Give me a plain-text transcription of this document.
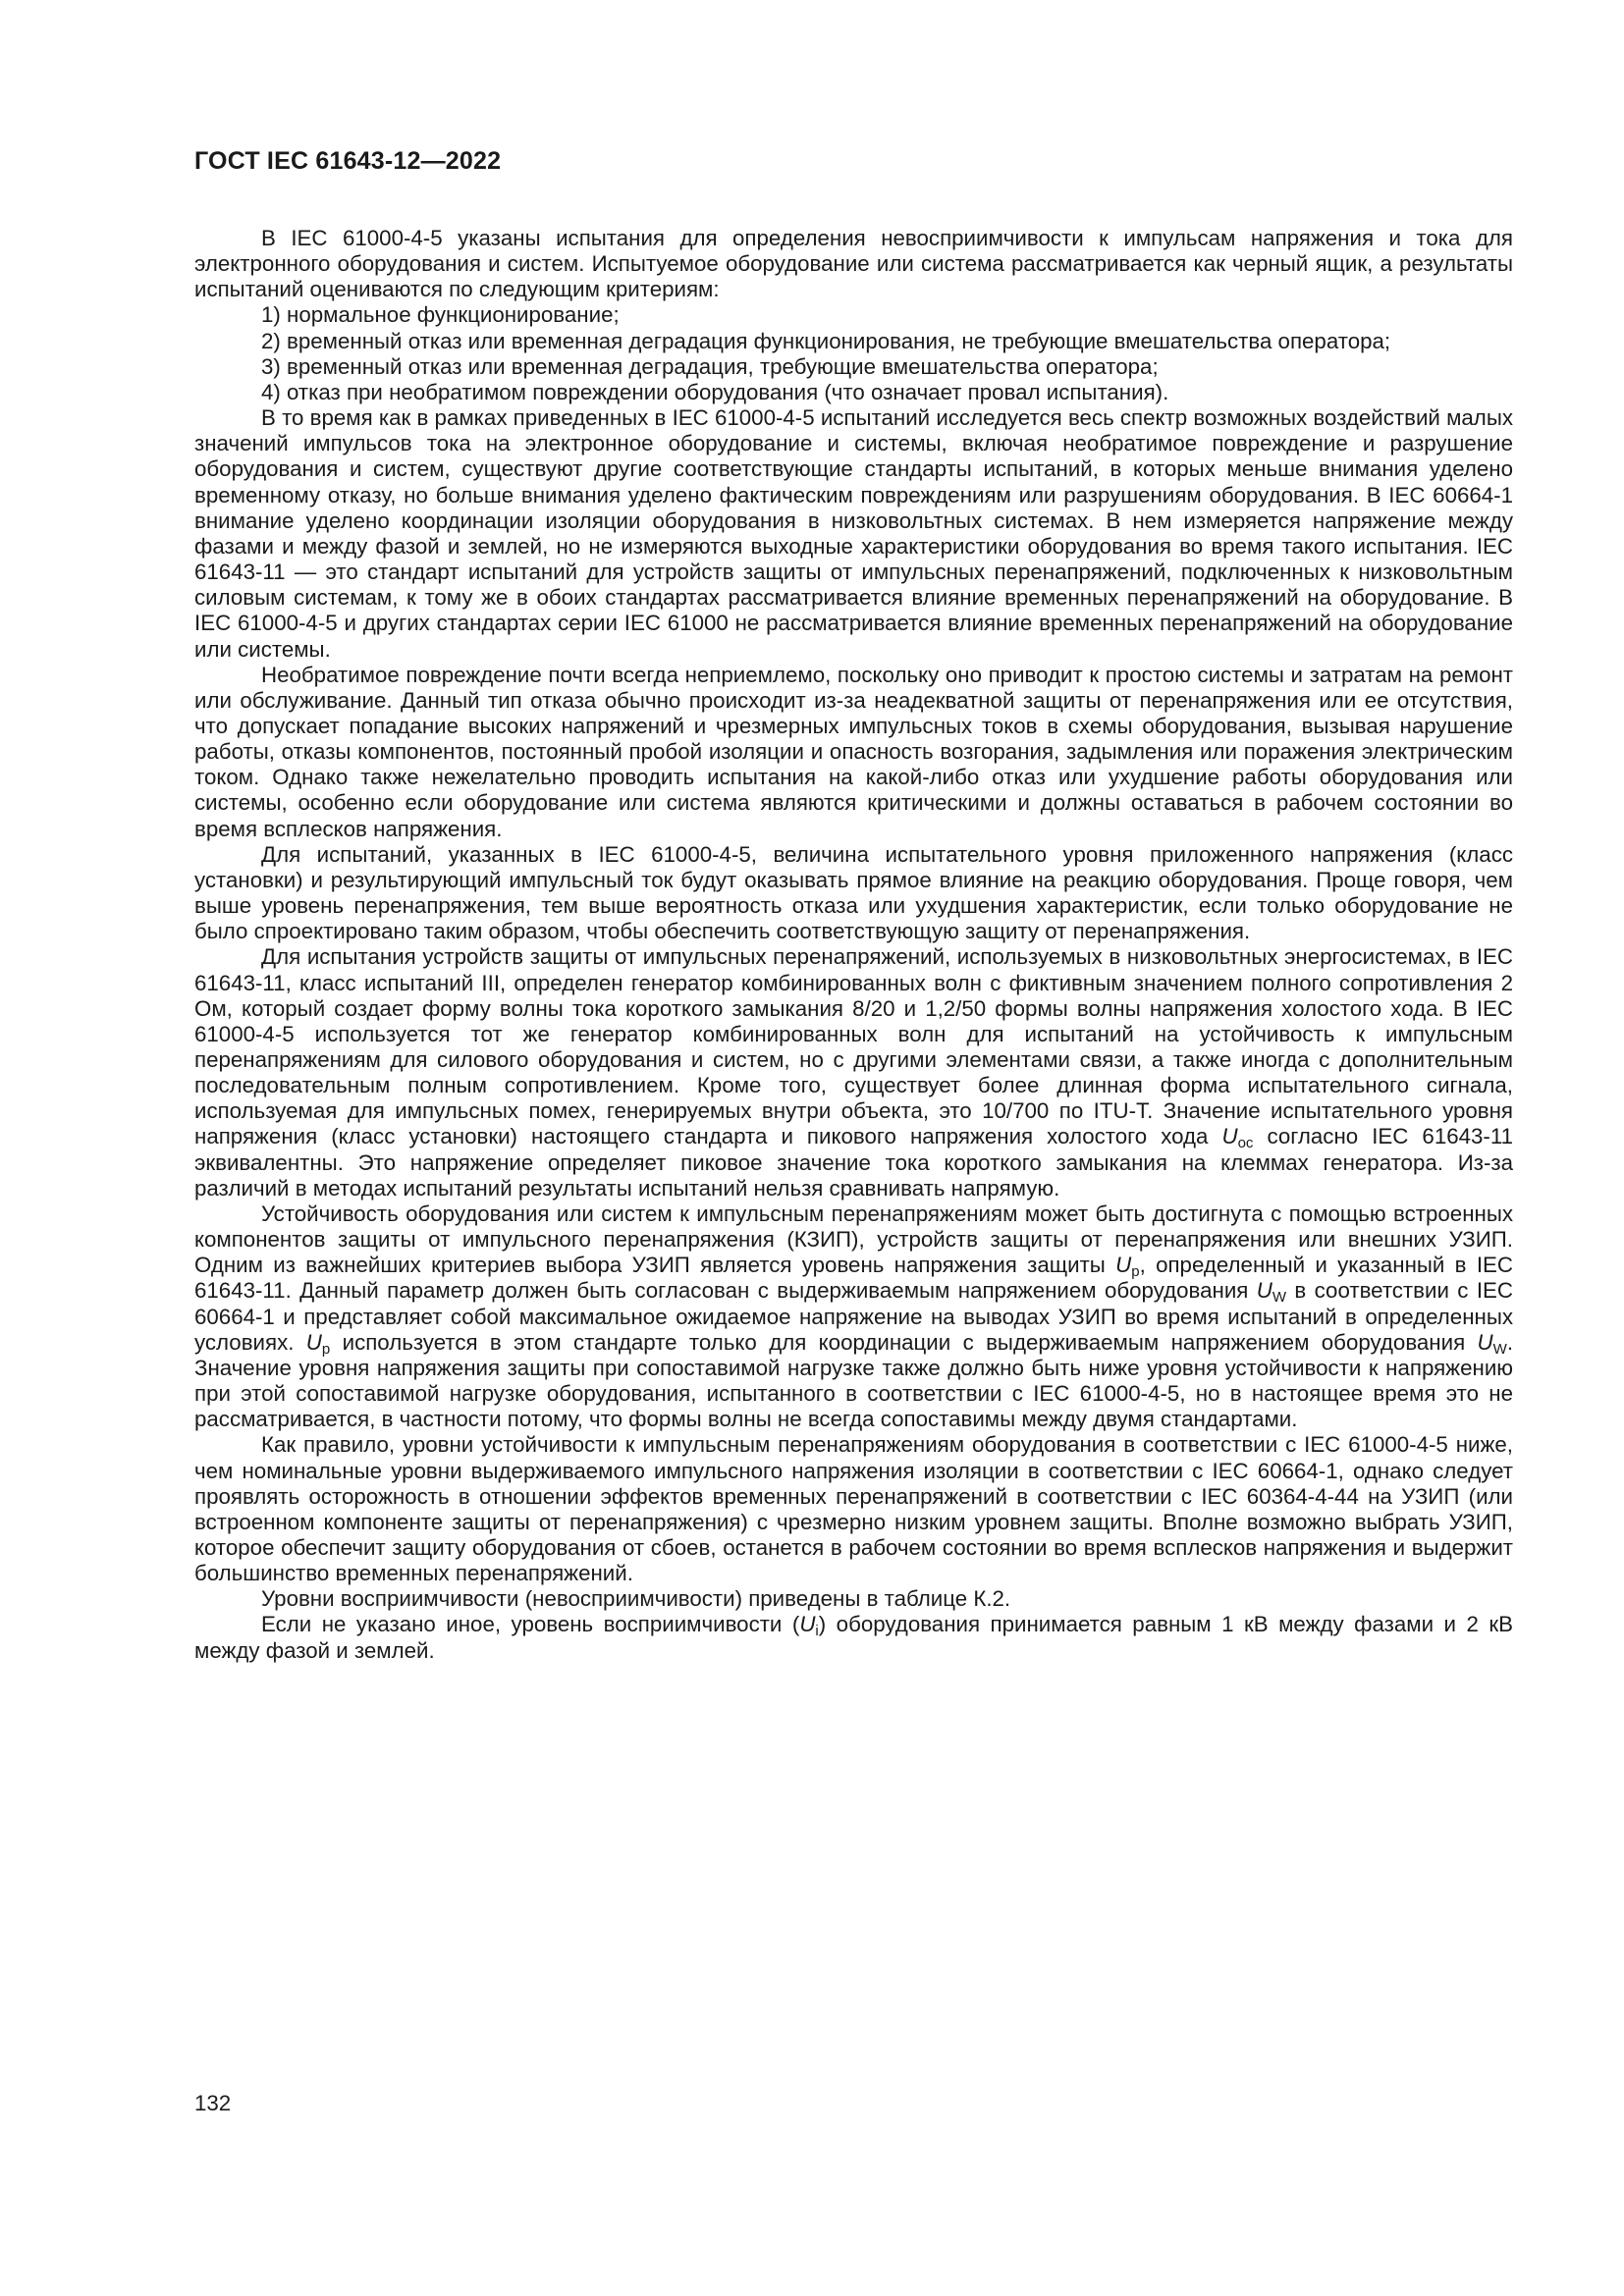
ГОСТ IEC 61643-12—2022

В IEC 61000-4-5 указаны испытания для определения невосприимчивости к импульсам напряжения и тока для электронного оборудования и систем. Испытуемое оборудование или система рассматривается как черный ящик, а результаты испытаний оцениваются по следующим критериям:

1) нормальное функционирование;

2) временный отказ или временная деградация функционирования, не требующие вмешательства оператора;

3) временный отказ или временная деградация, требующие вмешательства оператора;

4) отказ при необратимом повреждении оборудования (что означает провал испытания).

В то время как в рамках приведенных в IEC 61000-4-5 испытаний исследуется весь спектр возможных воздействий малых значений импульсов тока на электронное оборудование и системы, включая необратимое повреждение и разрушение оборудования и систем, существуют другие соответствующие стандарты испытаний, в которых меньше внимания уделено временному отказу, но больше внимания уделено фактическим повреждениям или разрушениям оборудования. В IEC 60664-1 внимание уделено координации изоляции оборудования в низковольтных системах. В нем измеряется напряжение между фазами и между фазой и землей, но не измеряются выходные характеристики оборудования во время такого испытания. IEC 61643-11 — это стандарт испытаний для устройств защиты от импульсных перенапряжений, подключенных к низковольтным силовым системам, к тому же в обоих стандартах рассматривается влияние временных перенапряжений на оборудование. В IEC 61000-4-5 и других стандартах серии IEC 61000 не рассматривается влияние временных перенапряжений на оборудование или системы.

Необратимое повреждение почти всегда неприемлемо, поскольку оно приводит к простою системы и затратам на ремонт или обслуживание. Данный тип отказа обычно происходит из-за неадекватной защиты от перенапряжения или ее отсутствия, что допускает попадание высоких напряжений и чрезмерных импульсных токов в схемы оборудования, вызывая нарушение работы, отказы компонентов, постоянный пробой изоляции и опасность возгорания, задымления или поражения электрическим током. Однако также нежелательно проводить испытания на какой-либо отказ или ухудшение работы оборудования или системы, особенно если оборудование или система являются критическими и должны оставаться в рабочем состоянии во время всплесков напряжения.

Для испытаний, указанных в IEC 61000-4-5, величина испытательного уровня приложенного напряжения (класс установки) и результирующий импульсный ток будут оказывать прямое влияние на реакцию оборудования. Проще говоря, чем выше уровень перенапряжения, тем выше вероятность отказа или ухудшения характеристик, если только оборудование не было спроектировано таким образом, чтобы обеспечить соответствующую защиту от перенапряжения.

Для испытания устройств защиты от импульсных перенапряжений, используемых в низковольтных энергосистемах, в IEC 61643-11, класс испытаний III, определен генератор комбинированных волн с фиктивным значением полного сопротивления 2 Ом, который создает форму волны тока короткого замыкания 8/20 и 1,2/50 формы волны напряжения холостого хода. В IEC 61000-4-5 используется тот же генератор комбинированных волн для испытаний на устойчивость к импульсным перенапряжениям для силового оборудования и систем, но с другими элементами связи, а также иногда с дополнительным последовательным полным сопротивлением. Кроме того, существует более длинная форма испытательного сигнала, используемая для импульсных помех, генерируемых внутри объекта, это 10/700 по ITU-T. Значение испытательного уровня напряжения (класс установки) настоящего стандарта и пикового напряжения холостого хода $U_{oc}$ согласно IEC 61643-11 эквивалентны. Это напряжение определяет пиковое значение тока короткого замыкания на клеммах генератора. Из-за различий в методах испытаний результаты испытаний нельзя сравнивать напрямую.

Устойчивость оборудования или систем к импульсным перенапряжениям может быть достигнута с помощью встроенных компонентов защиты от импульсного перенапряжения (КЗИП), устройств защиты от перенапряжения или внешних УЗИП. Одним из важнейших критериев выбора УЗИП является уровень напряжения защиты $U_p$, определенный и указанный в IEC 61643-11. Данный параметр должен быть согласован с выдерживаемым напряжением оборудования $U_W$ в соответствии с IEC 60664-1 и представляет собой максимальное ожидаемое напряжение на выводах УЗИП во время испытаний в определенных условиях. $U_p$ используется в этом стандарте только для координации с выдерживаемым напряжением оборудования $U_W$. Значение уровня напряжения защиты при сопоставимой нагрузке также должно быть ниже уровня устойчивости к напряжению при этой сопоставимой нагрузке оборудования, испытанного в соответствии с IEC 61000-4-5, но в настоящее время это не рассматривается, в частности потому, что формы волны не всегда сопоставимы между двумя стандартами.

Как правило, уровни устойчивости к импульсным перенапряжениям оборудования в соответствии с IEC 61000-4-5 ниже, чем номинальные уровни выдерживаемого импульсного напряжения изоляции в соответствии с IEC 60664-1, однако следует проявлять осторожность в отношении эффектов временных перенапряжений в соответствии с IEC 60364-4-44 на УЗИП (или встроенном компоненте защиты от перенапряжения) с чрезмерно низким уровнем защиты. Вполне возможно выбрать УЗИП, которое обеспечит защиту оборудования от сбоев, останется в рабочем состоянии во время всплесков напряжения и выдержит большинство временных перенапряжений.

Уровни восприимчивости (невосприимчивости) приведены в таблице К.2.

Если не указано иное, уровень восприимчивости $(U_i)$ оборудования принимается равным 1 кВ между фазами и 2 кВ между фазой и землей.

132
